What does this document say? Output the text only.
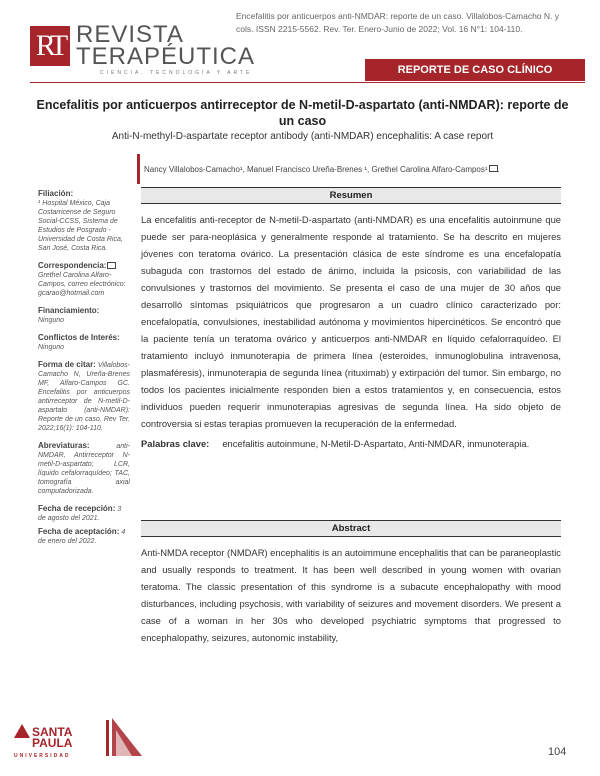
RT REVISTA
TERAPÉUTICA
CIENCIA, TECNOLOGÍA Y ARTE
Encefalitis por anticuerpos anti-NMDAR: reporte de un caso. Villalobos-Camacho N. y cols. ISSN 2215-5562. Rev. Ter. Enero-Junio de 2022; Vol. 16 N°1: 104-110.
REPORTE DE CASO CLÍNICO
Encefalitis por anticuerpos antirreceptor de N-metil-D-aspartato (anti-NMDAR): reporte de un caso
Anti-N-methyl-D-aspartate receptor antibody (anti-NMDAR) encephalitis: A case report
Nancy Villalobos-Camacho¹, Manuel Francisco Ureña-Brenes ¹, Grethel Carolina Alfaro-Campos¹ .
Filiación:
¹ Hospital México, Caja Costarricense de Seguro Social-CCSS, Sistema de Estudios de Posgrado - Universidad de Costa Rica, San José, Costa Rica.
Correspondencia: Grethel Carolina Alfaro-Campos, correo electrónico: gcarao@hotmail.com
Financiamiento:
Ninguno
Conflictos de Interés:
Ninguno
Forma de citar: Villalobos-Camacho N, Ureña-Brenes MF, Alfaro-Campos GC. Encefalitis por anticuerpos antirreceptor de N-metil-D-aspartato (anti-NMDAR): Reporte de un caso. Rev Ter. 2022;16(1): 104-110.
Abreviaturas:	anti-NMDAR, Antirreceptor N-metil-D-aspartato; LCR, líquido cefalorraquídeo; TAC, tomografía axial computadorizada.
Fecha de recepción: 3 de agosto del 2021.
Fecha de aceptación: 4 de enero del 2022.
Resumen
La encefalitis anti-receptor de N-metil-D-aspartato (anti-NMDAR) es una encefalitis autoinmune que puede ser para-neoplásica y generalmente responde al tratamiento. Se ha descrito en mujeres jóvenes con teratoma ovárico. La presentación clásica de este síndrome es una encefalopatía subaguda con trastornos del estado de ánimo, incluida la psicosis, con variabilidad de las convulsiones y trastornos del movimiento. Se presenta el caso de una mujer de 30 años que desarrolló síntomas psiquiátricos que progresaron a un cuadro clínico caracterizado por: encefalopatía, convulsiones, inestabilidad autónoma y movimientos hipercinéticos. Se encontró que la paciente tenía un teratoma ovárico y anticuerpos anti-NMDAR en líquido cefalorraquídeo. El tratamiento incluyó inmunoterapia de primera línea (esteroides, inmunoglobulina intravenosa, plasmaféresis), inmunoterapia de segunda línea (rituximab) y extirpación del tumor. Sin embargo, no todos los pacientes inicialmente responden bien a estos tratamientos y, en consecuencia, estos individuos pueden requerir inmunoterapias agresivas de segunda línea. Ha sido objeto de controversia si estas terapias promueven la recuperación de la enfermedad.
Palabras clave: encefalitis autoinmune, N-Metil-D-Aspartato, Anti-NMDAR, inmunoterapia.
Abstract
Anti-NMDA receptor (NMDAR) encephalitis is an autoimmune encephalitis that can be paraneoplastic and usually responds to treatment. It has been well described in young women with ovarian teratoma. The classic presentation of this syndrome is a subacute encephalopathy with mood disturbances, including psychosis, with variability of seizures and movement disorders. We present a case of a woman in her 30s who developed psychiatric symptoms that progressed to encephalopathy, seizures, autonomic instability,
SANTA
PAULA
UNIVERSIDAD	104
